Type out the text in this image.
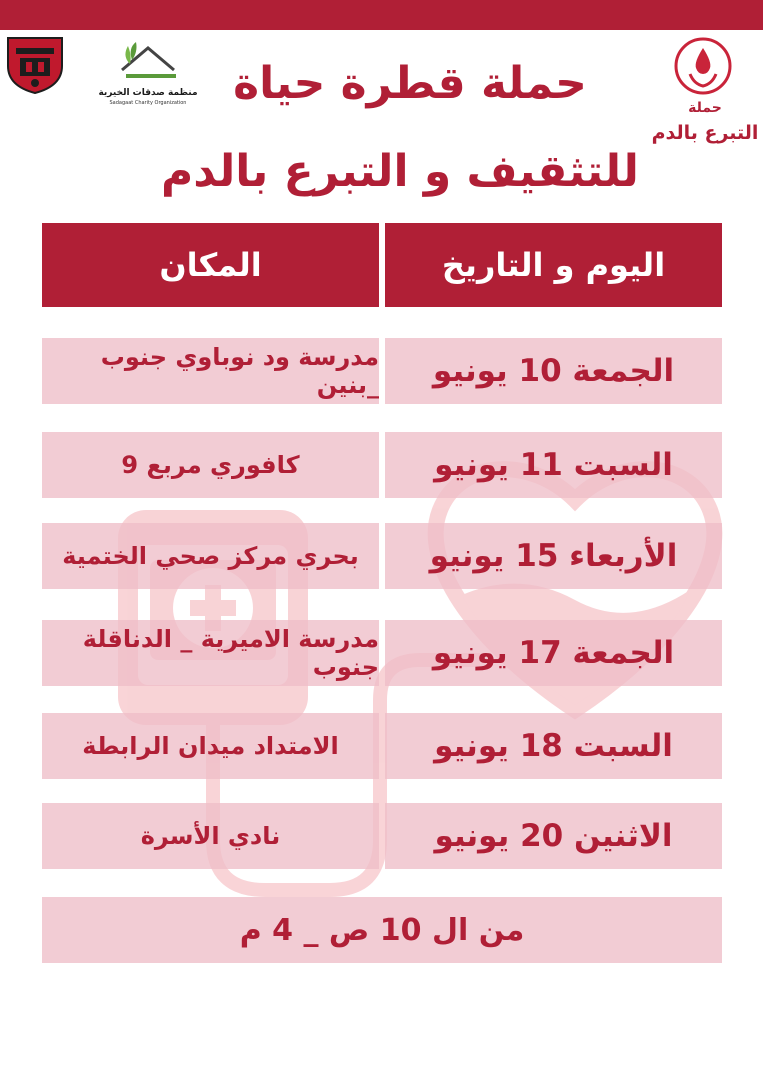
منظمة صدقات الخيرية
Sadagaat Charity Organization	حملة
التبرع بالدم
حملة قطرة حياة
للتثقيف و التبرع بالدم
اليوم و التاريخ
المكان
الجمعة 10 يونيو
مدرسة ود نوباوي جنوب _بنين
السبت 11 يونيو
كافوري مربع 9
الأربعاء 15 يونيو
بحري مركز صحي الختمية
الجمعة 17 يونيو
مدرسة الاميرية _ الدناقلة جنوب
السبت 18 يونيو
الامتداد ميدان الرابطة
الاثنين 20 يونيو
نادي الأسرة
من ال 10 ص _ 4 م
